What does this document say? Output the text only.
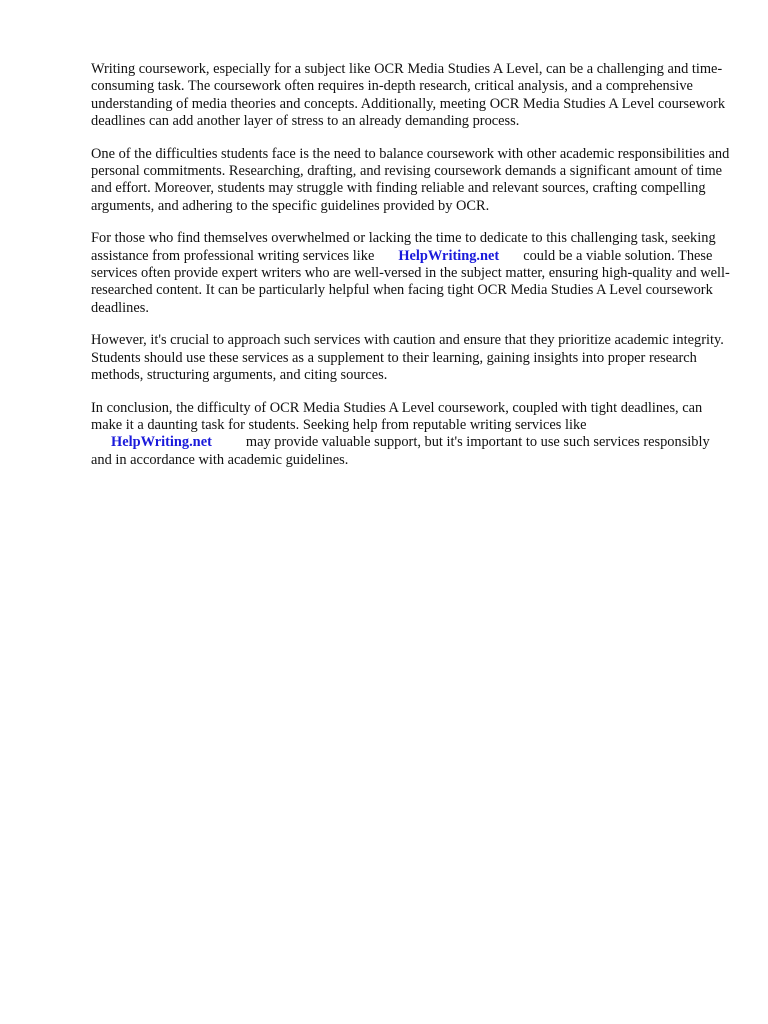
Writing coursework, especially for a subject like OCR Media Studies A Level, can be a challenging and time-consuming task. The coursework often requires in-depth research, critical analysis, and a comprehensive understanding of media theories and concepts. Additionally, meeting OCR Media Studies A Level coursework deadlines can add another layer of stress to an already demanding process.

One of the difficulties students face is the need to balance coursework with other academic responsibilities and personal commitments. Researching, drafting, and revising coursework demands a significant amount of time and effort. Moreover, students may struggle with finding reliable and relevant sources, crafting compelling arguments, and adhering to the specific guidelines provided by OCR.

For those who find themselves overwhelmed or lacking the time to dedicate to this challenging task, seeking assistance from professional writing services like HelpWriting.net could be a viable solution. These services often provide expert writers who are well-versed in the subject matter, ensuring high-quality and well-researched content. It can be particularly helpful when facing tight OCR Media Studies A Level coursework deadlines.

However, it's crucial to approach such services with caution and ensure that they prioritize academic integrity. Students should use these services as a supplement to their learning, gaining insights into proper research methods, structuring arguments, and citing sources.

In conclusion, the difficulty of OCR Media Studies A Level coursework, coupled with tight deadlines, can make it a daunting task for students. Seeking help from reputable writing services like HelpWriting.net may provide valuable support, but it's important to use such services responsibly and in accordance with academic guidelines.
